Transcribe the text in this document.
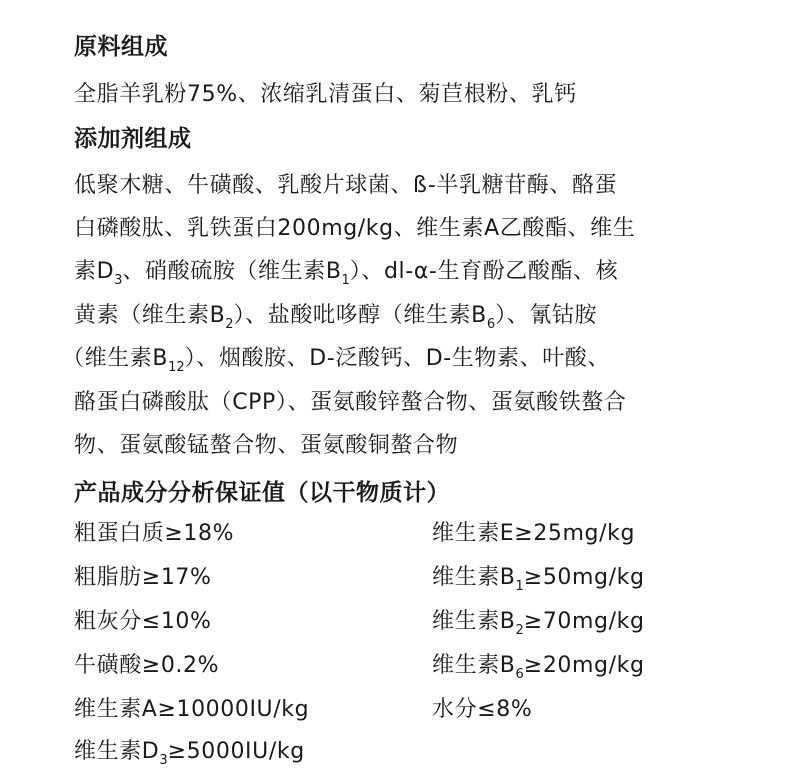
原料组成
全脂羊乳粉75%、浓缩乳清蛋白、菊苣根粉、乳钙
添加剂组成
低聚木糖、牛磺酸、乳酸片球菌、ß-半乳糖苷酶、酪蛋
白磷酸肽、乳铁蛋白200mg/kg、维生素A乙酸酯、维生
素$D_3$、硝酸硫胺（维生素$B_1$）、dl-α-生育酚乙酸酯、核
黄素（维生素$B_2$）、盐酸吡哆醇（维生素$B_6$）、氰钴胺
（维生素$B_{12}$）、烟酸胺、D-泛酸钙、D-生物素、叶酸、
酪蛋白磷酸肽（CPP）、蛋氨酸锌螯合物、蛋氨酸铁螯合
物、蛋氨酸锰螯合物、蛋氨酸铜螯合物
产品成分分析保证值（以干物质计）
粗蛋白质≥18%
粗脂肪≥17%
粗灰分≤10%
牛磺酸≥0.2%
维生素A≥10000IU/kg
维生素$D_3\ge 5000IU/kg$
维生素E≥25mg/kg
维生素$B_1\ge 50mg/kg$
维生素$B_2\ge 70mg/kg$
维生素$B_6\ge 20mg/kg$
水分≤8%
